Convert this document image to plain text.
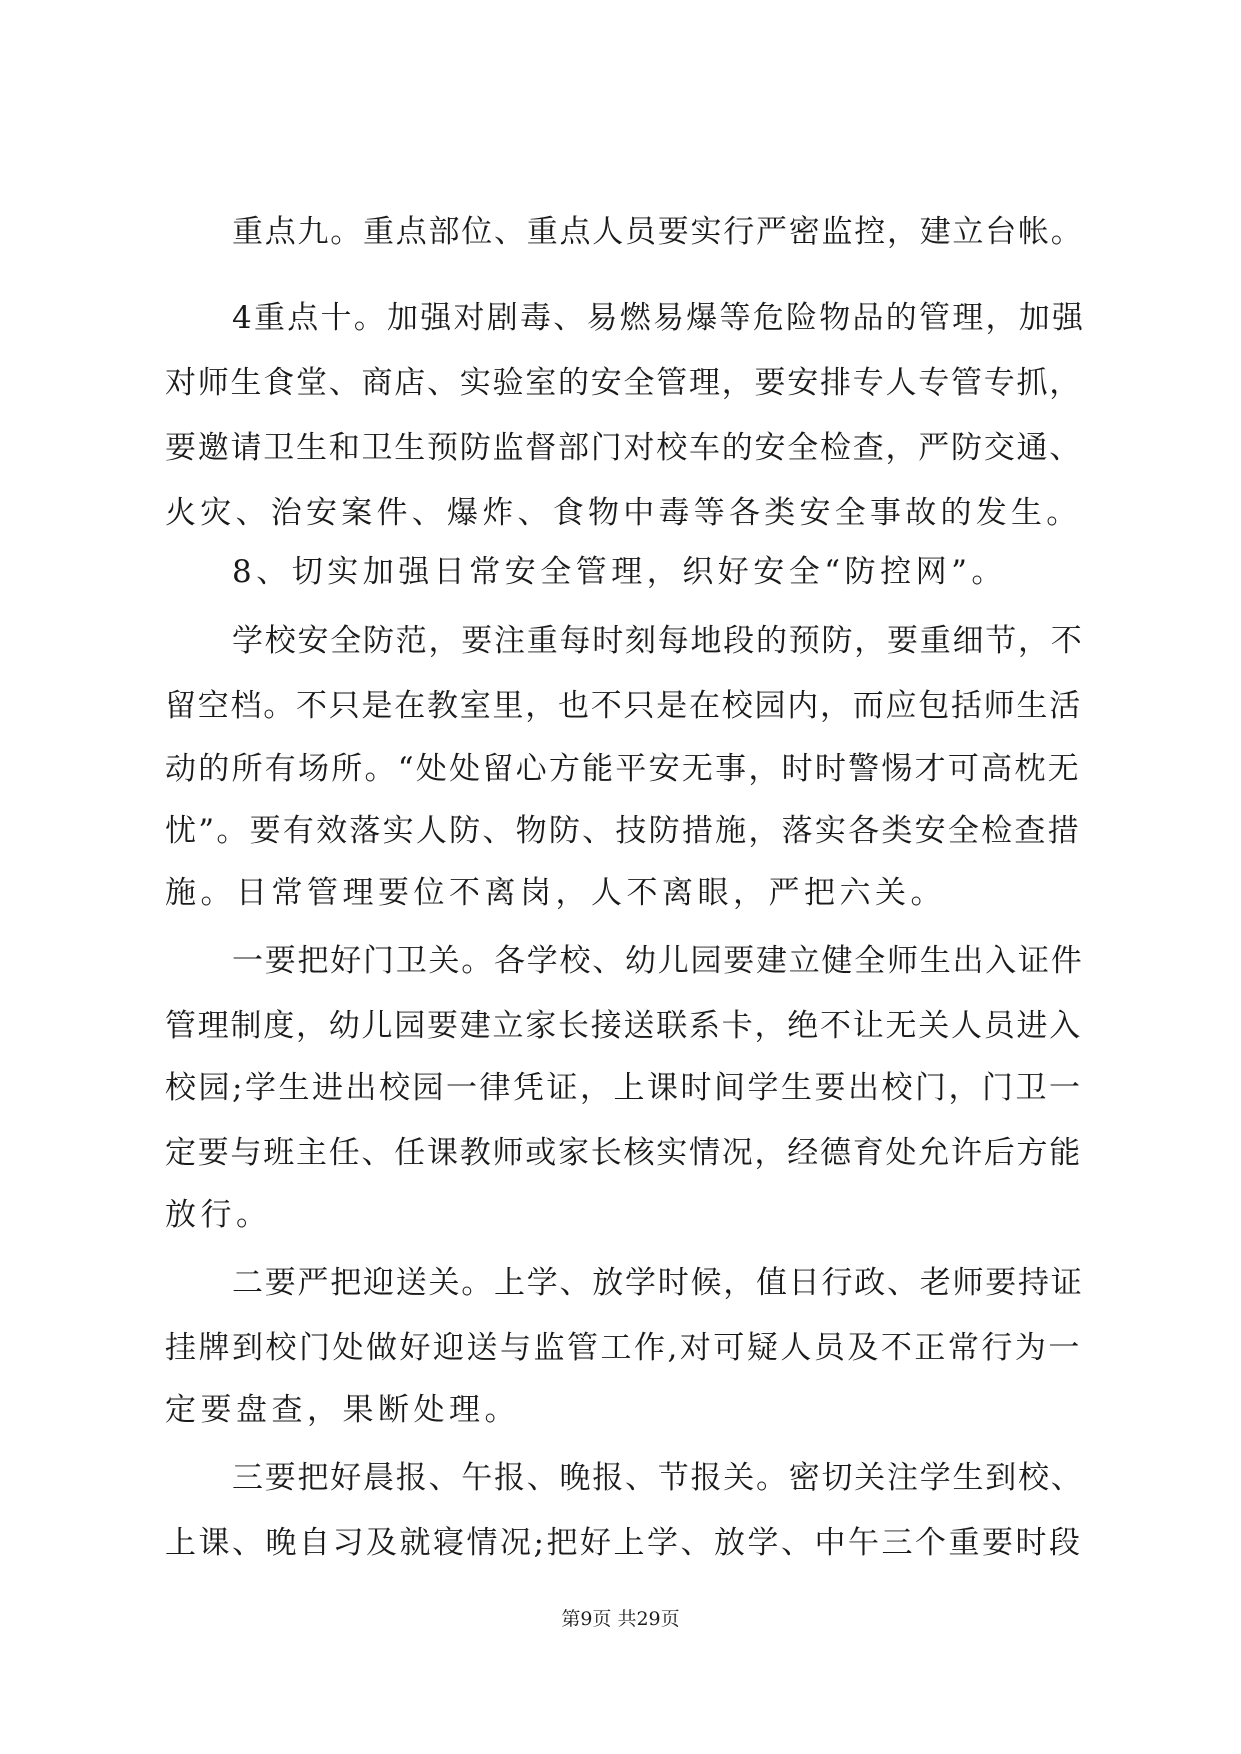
重点九。重点部位、重点人员要实行严密监控，建立台帐。
4重点十。加强对剧毒、易燃易爆等危险物品的管理，加强
对师生食堂、商店、实验室的安全管理，要安排专人专管专抓，
要邀请卫生和卫生预防监督部门对校车的安全检查，严防交通、
火灾、治安案件、爆炸、食物中毒等各类安全事故的发生。
8、切实加强日常安全管理，织好安全“防控网”。
学校安全防范，要注重每时刻每地段的预防，要重细节，不
留空档。不只是在教室里，也不只是在校园内，而应包括师生活
动的所有场所。“处处留心方能平安无事，时时警惕才可高枕无
忧”。要有效落实人防、物防、技防措施，落实各类安全检查措
施。日常管理要位不离岗，人不离眼，严把六关。
一要把好门卫关。各学校、幼儿园要建立健全师生出入证件
管理制度，幼儿园要建立家长接送联系卡，绝不让无关人员进入
校园;学生进出校园一律凭证，上课时间学生要出校门，门卫一
定要与班主任、任课教师或家长核实情况，经德育处允许后方能
放行。
二要严把迎送关。上学、放学时候，值日行政、老师要持证
挂牌到校门处做好迎送与监管工作,对可疑人员及不正常行为一
定要盘查，果断处理。
三要把好晨报、午报、晚报、节报关。密切关注学生到校、
上课、晚自习及就寝情况;把好上学、放学、中午三个重要时段
第9页 共29页
